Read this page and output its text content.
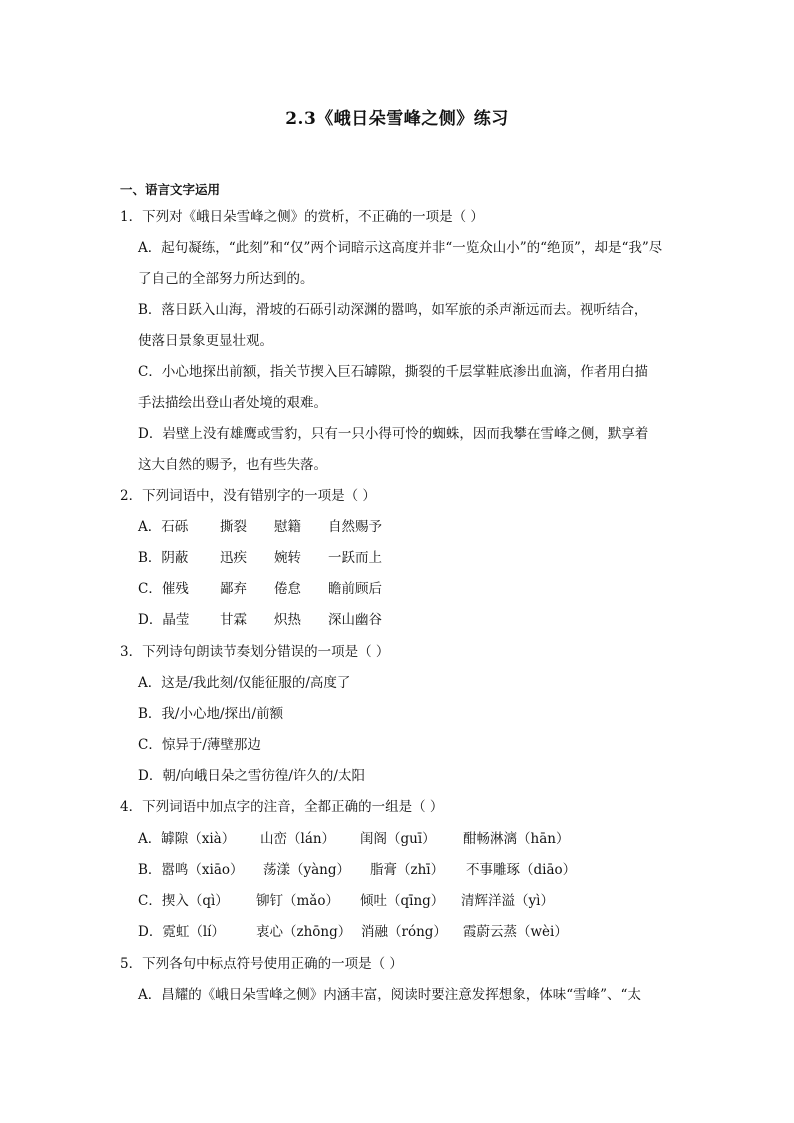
2.3《峨日朵雪峰之侧》练习
一、语言文字运用
1．下列对《峨日朵雪峰之侧》的赏析，不正确的一项是（ ）
A．起句凝练，“此刻”和“仅”两个词暗示这高度并非“一览众山小”的“绝顶”，却是“我”尽
了自己的全部努力所达到的。
B．落日跃入山海，滑坡的石砾引动深渊的嚣鸣，如军旅的杀声渐远而去。视听结合，
使落日景象更显壮观。
C．小心地探出前额，指关节揳入巨石罅隙，撕裂的千层掌鞋底渗出血滴，作者用白描
手法描绘出登山者处境的艰难。
D．岩壁上没有雄鹰或雪豹，只有一只小得可怜的蜘蛛，因而我攀在雪峰之侧，默享着
这大自然的赐予，也有些失落。
2．下列词语中，没有错别字的一项是（ ）
A．石砾	撕裂	慰籍	自然赐予
B．阴蔽	迅疾	婉转	一跃而上
C．催残	鄙弃	倦怠	瞻前顾后
D．晶莹	甘霖	炽热	深山幽谷
3．下列诗句朗读节奏划分错误的一项是（ ）
A．这是/我此刻/仅能征服的/高度了
B．我/小心地/探出/前额
C．惊异于/薄壁那边
D．朝/向峨日朵之雪彷徨/许久的/太阳
4．下列词语中加点字的注音，全都正确的一组是（ ）
A．罅隙（xià）	山峦（lán）	闺阁（guī）	酣畅淋漓（hān）
B．嚣鸣（xiāo）	荡漾（yàng）	脂膏（zhī）	不事雕琢（diāo）
C．揳入（qì）	铆钉（mǎo）	倾吐（qīng）	清辉洋溢（yì）
D．霓虹（lí）	衷心（zhōng） 消融（róng）	霞蔚云蒸（wèi）
5．下列各句中标点符号使用正确的一项是（ ）
A．昌耀的《峨日朵雪峰之侧》内涵丰富，阅读时要注意发挥想象，体味“雪峰”、“太
